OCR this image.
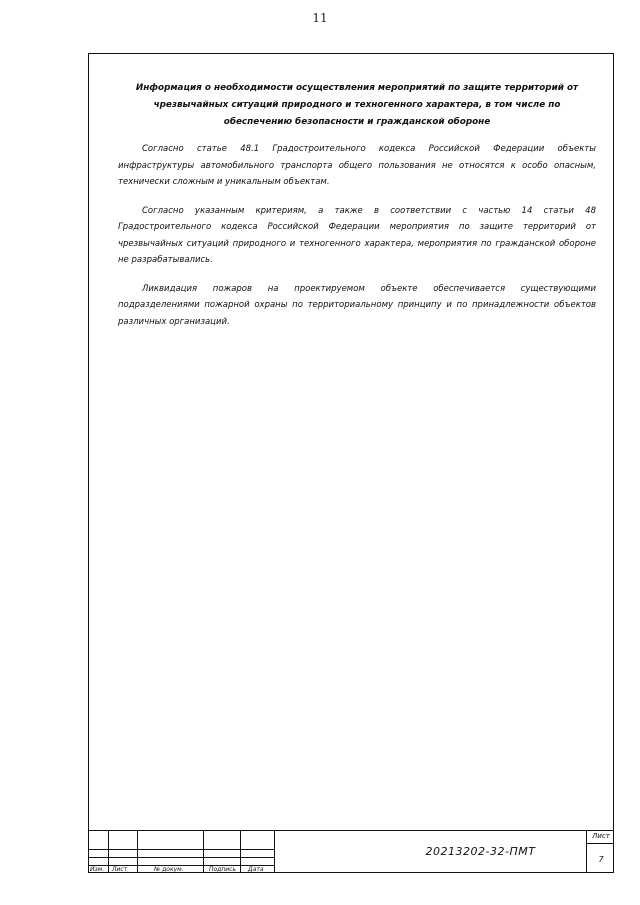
11

Информация о необходимости осуществления мероприятий по защите территорий от чрезвычайных ситуаций природного и техногенного характера, в том числе по обеспечению безопасности и гражданской обороне

Согласно статье 48.1 Градостроительного кодекса Российской Федерации объекты инфраструктуры автомобильного транспорта общего пользования не относятся к особо опасным, технически сложным и уникальным объектам.

Согласно указанным критериям, а также в соответствии с частью 14 статьи 48 Градостроительного кодекса Российской Федерации мероприятия по защите территорий от чрезвычайных ситуаций природного и техногенного характера, мероприятия по гражданской обороне не разрабатывались.

Ликвидация пожаров на проектируемом объекте обеспечивается существующими подразделениями пожарной охраны по территориальному принципу и по принадлежности объектов различных организаций.

Изм. Лист	№ докум.	Подпись Дата
20213202-32-ПМТ
Лист
7
